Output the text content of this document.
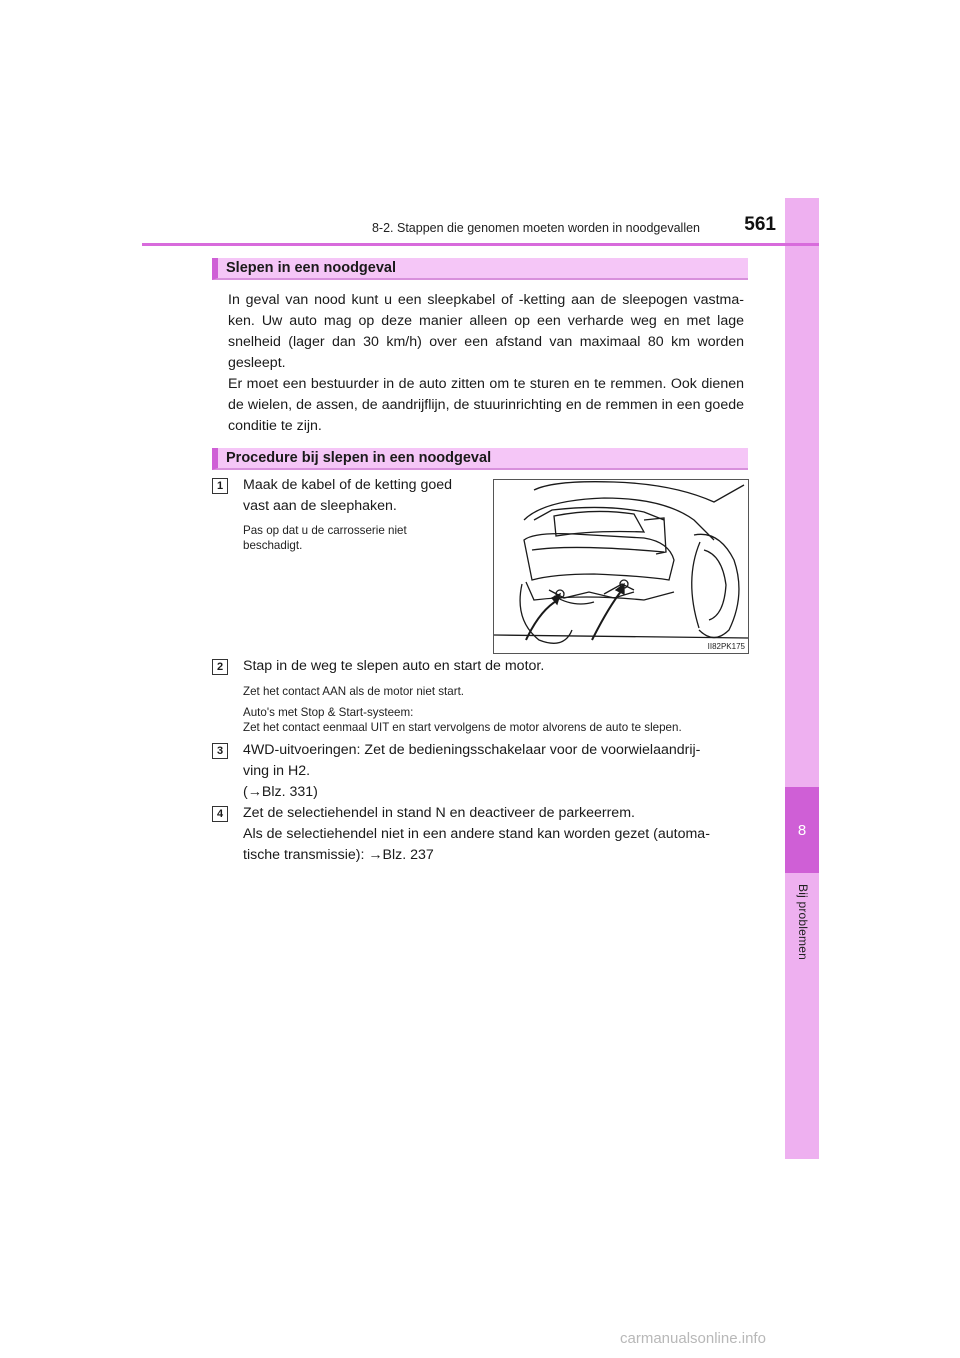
8
Bij problemen
8-2. Stappen die genomen moeten worden in noodgevallen	561
Slepen in een noodgeval

In geval van nood kunt u een sleepkabel of -ketting aan de sleepogen vastma-ken. Uw auto mag op deze manier alleen op een verharde weg en met lage snelheid (lager dan 30 km/h) over een afstand van maximaal 80 km worden gesleept.

Er moet een bestuurder in de auto zitten om te sturen en te remmen. Ook dienen de wielen, de assen, de aandrijflijn, de stuurinrichting en de remmen in een goede conditie te zijn.

Procedure bij slepen in een noodgeval
1	Maak de kabel of de ketting goed

vast aan de sleephaken.

Pas op dat u de carrosserie niet

beschadigt.

II82PK175
2	Stap in de weg te slepen auto en start de motor.

Zet het contact AAN als de motor niet start.

Auto's met Stop & Start-systeem:

Zet het contact eenmaal UIT en start vervolgens de motor alvorens de auto te slepen.

3	4WD-uitvoeringen: Zet de bedieningsschakelaar voor de voorwielaandrij-

ving in H2.

(→Blz. 331)

4	Zet de selectiehendel in stand N en deactiveer de parkeerrem.

Als de selectiehendel niet in een andere stand kan worden gezet (automa-

tische transmissie): →Blz. 237

carmanualsonline.info
